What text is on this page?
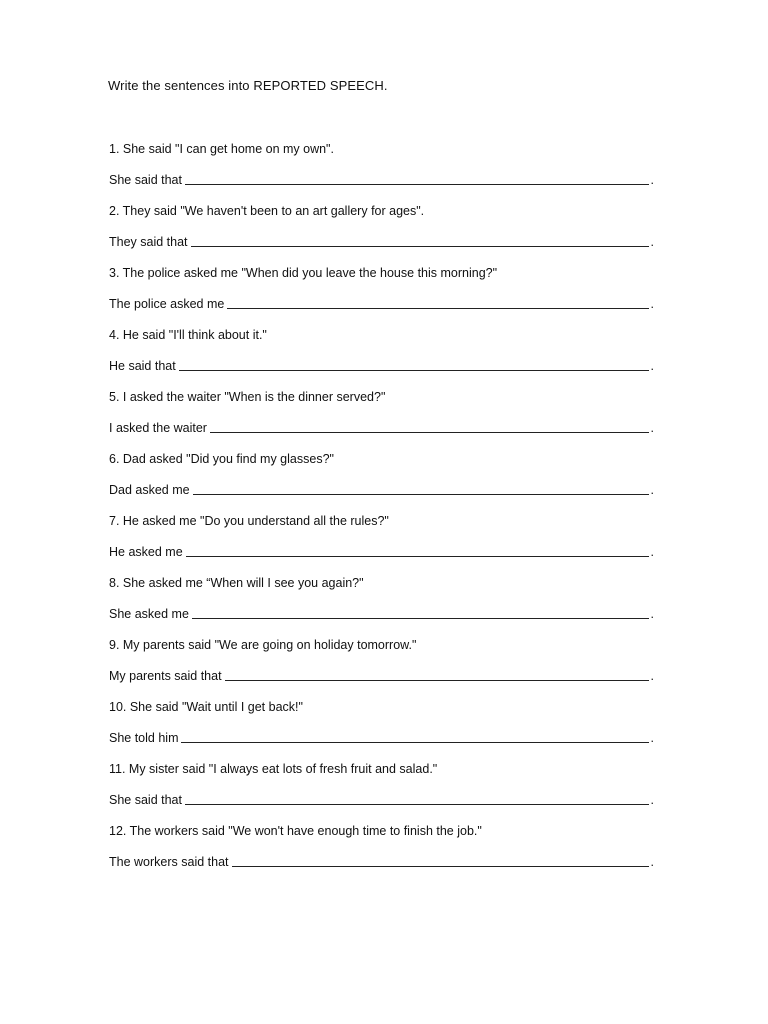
Write the sentences into REPORTED SPEECH.
1. She said "I can get home on my own".
She said that	.
2. They said "We haven't been to an art gallery for ages".
They said that	.
3. The police asked me "When did you leave the house this morning?"
The police asked me	.
4. He said "I'll think about it."
He said that	.
5. I asked the waiter "When is the dinner served?"
I asked the waiter	.
6. Dad asked "Did you find my glasses?"
Dad asked me	.
7. He asked me "Do you understand all the rules?"
He asked me	.
8. She asked me “When will I see you again?"
She asked me	.
9. My parents said "We are going on holiday tomorrow."
My parents said that	.
10. She said "Wait until I get back!"
She told him	.
11. My sister said "I always eat lots of fresh fruit and salad."
She said that	.
12. The workers said "We won't have enough time to finish the job."
The workers said that	.
